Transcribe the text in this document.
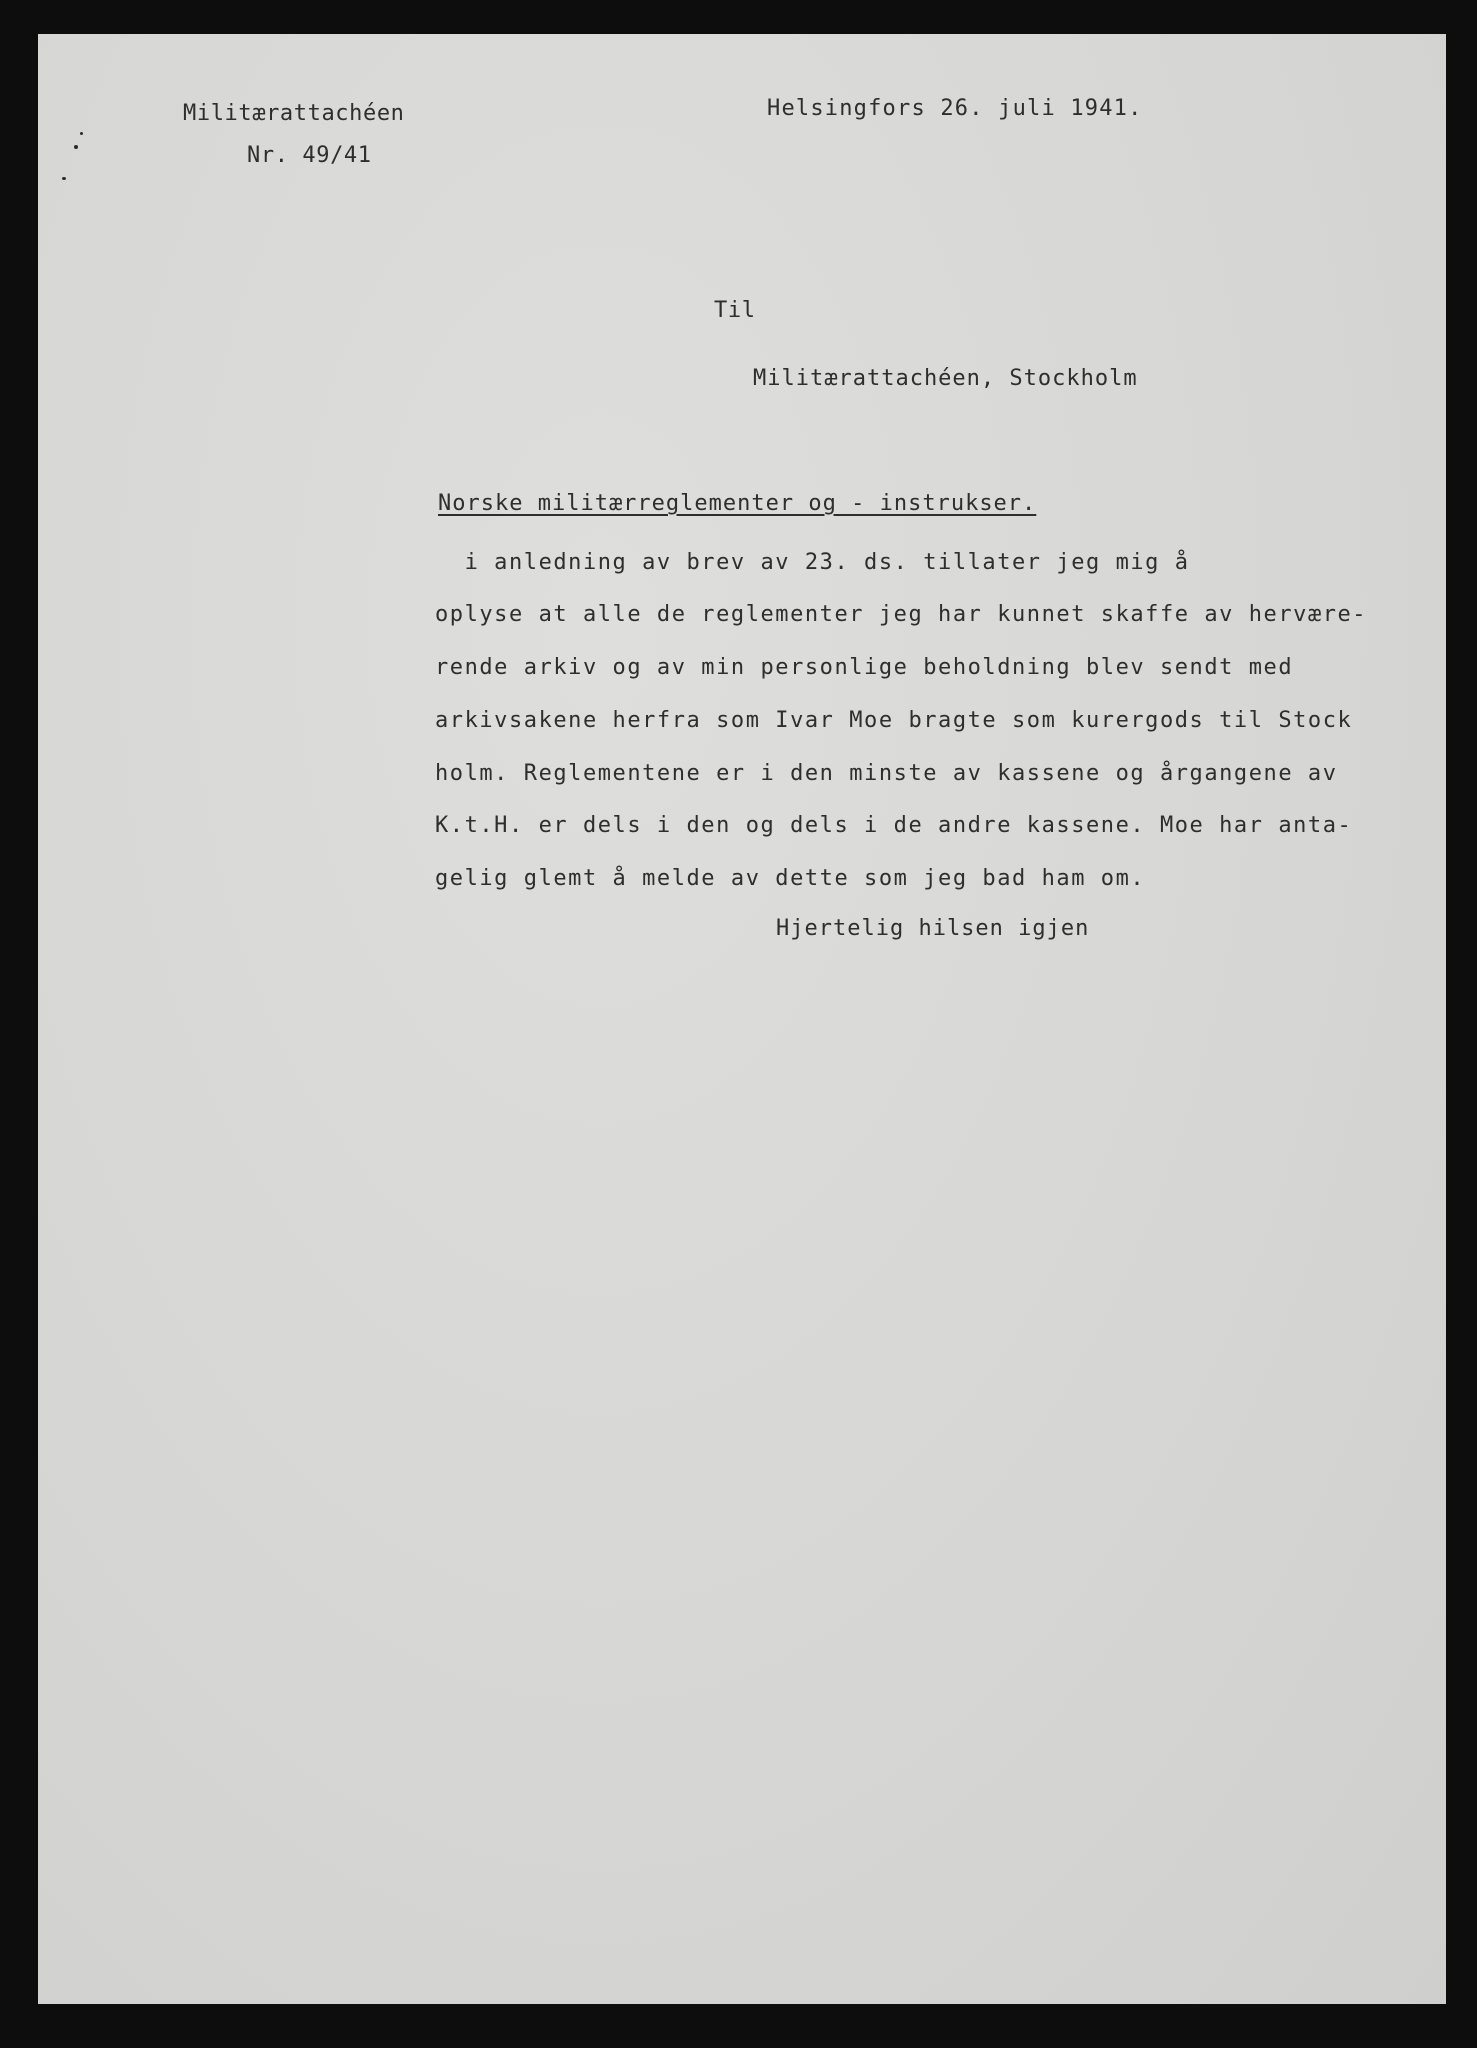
Militærattachéen
Nr. 49/41
Helsingfors 26. juli 1941.
Til
Militærattachéen, Stockholm
Norske militærreglementer og - instrukser.
i anledning av brev av 23. ds. tillater jeg mig å
oplyse at alle de reglementer jeg har kunnet skaffe av hervære-
rende arkiv og av min personlige beholdning blev sendt med
arkivsakene herfra som Ivar Moe bragte som kurergods til Stock
holm. Reglementene er i den minste av kassene og årgangene av
K.t.H. er dels i den og dels i de andre kassene. Moe har anta-
gelig glemt å melde av dette som jeg bad ham om.
Hjertelig hilsen igjen
